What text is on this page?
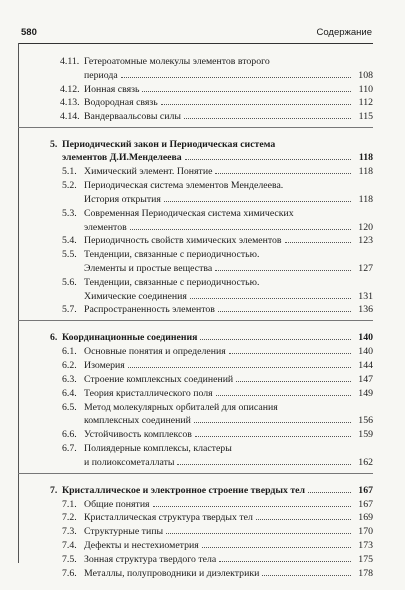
580	Содержание
4.11. Гетероатомные молекулы элементов второго
периода	108
4.12. Ионная связь	110
4.13. Водородная связь	112
4.14. Вандерваальсовы силы	115
5. Периодический закон и Периодическая система
элементов Д.И.Менделеева	118
5.1. Химический элемент. Понятие	118
5.2. Периодическая система элементов Менделеева.
История открытия	118
5.3. Современная Периодическая система химических
элементов	120
5.4. Периодичность свойств химических элементов	123
5.5. Тенденции, связанные с периодичностью.
Элементы и простые вещества	127
5.6. Тенденции, связанные с периодичностью.
Химические соединения	131
5.7. Распространенность элементов	136
6. Координационные соединения	140
6.1. Основные понятия и определения	140
6.2. Изомерия	144
6.3. Строение комплексных соединений	147
6.4. Теория кристаллического поля	149
6.5. Метод молекулярных орбиталей для описания
комплексных соединений	156
6.6. Устойчивость комплексов	159
6.7. Полиядерные комплексы, кластеры
и полиоксометаллаты	162
7. Кристаллическое и электронное строение твердых тел	167
7.1. Общие понятия	167
7.2. Кристаллическая структура твердых тел	169
7.3. Структурные типы	170
7.4. Дефекты и нестехиометрия	173
7.5. Зонная структура твердого тела	175
7.6. Металлы, полупроводники и диэлектрики	178
